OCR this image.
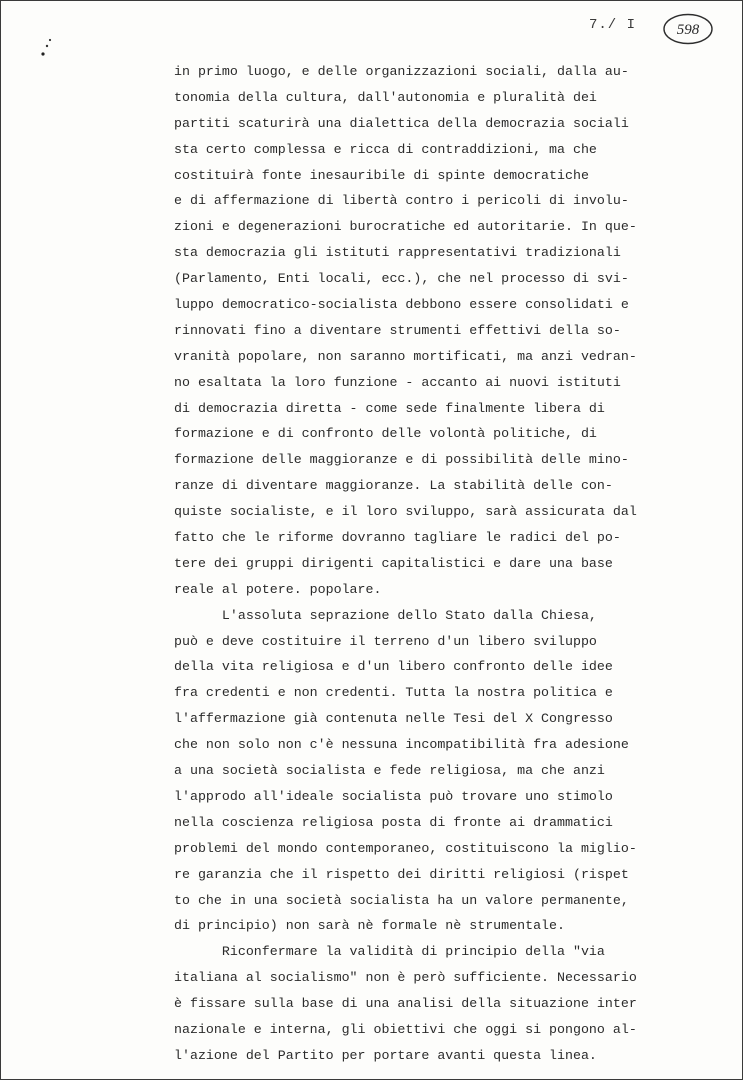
7./ I	598
in primo luogo, e delle organizzazioni sociali, dalla au-
tonomia della cultura, dall'autonomia e pluralità dei
partiti scaturirà una dialettica della democrazia sociali
sta certo complessa e ricca di contraddizioni, ma che
costituirà fonte inesauribile di spinte democratiche
e di affermazione di libertà contro i pericoli di involu-
zioni e degenerazioni burocratiche ed autoritarie. In que-
sta democrazia gli istituti rappresentativi tradizionali
(Parlamento, Enti locali, ecc.), che nel processo di svi-
luppo democratico-socialista debbono essere consolidati e
rinnovati fino a diventare strumenti effettivi della so-
vranità popolare, non saranno mortificati, ma anzi vedran-
no esaltata la loro funzione - accanto ai nuovi istituti
di democrazia diretta - come sede finalmente libera di
formazione e di confronto delle volontà politiche, di
formazione delle maggioranze e di possibilità delle mino-
ranze di diventare maggioranze. La stabilità delle con-
quiste socialiste, e il loro sviluppo, sarà assicurata dal
fatto che le riforme dovranno tagliare le radici del po-
tere dei gruppi dirigenti capitalistici e dare una base
reale al potere. popolare.
L'assoluta seprazione dello Stato dalla Chiesa,
può e deve costituire il terreno d'un libero sviluppo
della vita religiosa e d'un libero confronto delle idee
fra credenti e non credenti. Tutta la nostra politica e
l'affermazione già contenuta nelle Tesi del X Congresso
che non solo non c'è nessuna incompatibilità fra adesione
a una società socialista e fede religiosa, ma che anzi
l'approdo all'ideale socialista può trovare uno stimolo
nella coscienza religiosa posta di fronte ai drammatici
problemi del mondo contemporaneo, costituiscono la miglio-
re garanzia che il rispetto dei diritti religiosi (rispet
to che in una società socialista ha un valore permanente,
di principio) non sarà nè formale nè strumentale.
Riconfermare la validità di principio della "via
italiana al socialismo" non è però sufficiente. Necessario
è fissare sulla base di una analisi della situazione inter
nazionale e interna, gli obiettivi che oggi si pongono al-
l'azione del Partito per portare avanti questa linea.
